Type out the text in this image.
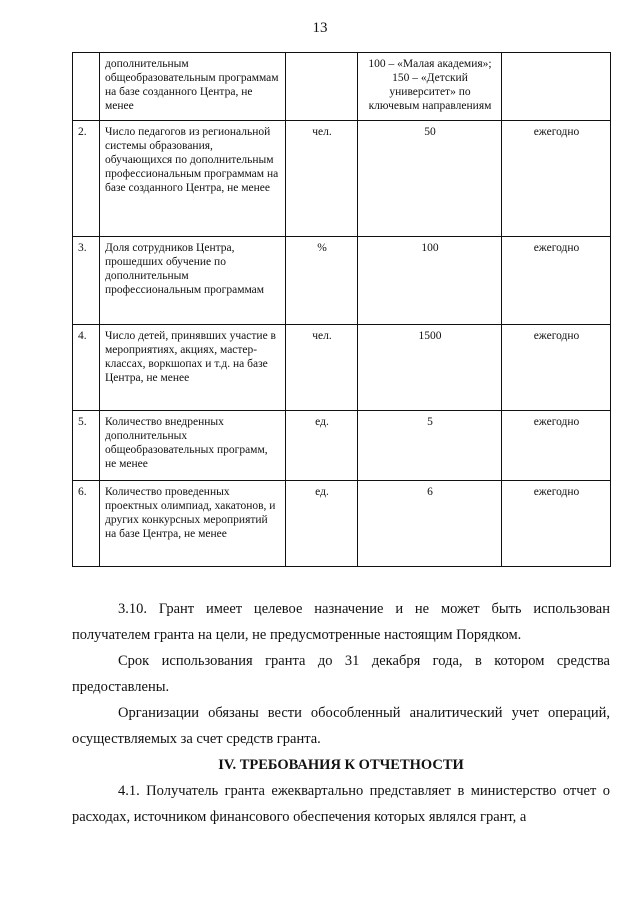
13
	дополнительным общеобразовательным программам на базе созданного Центра, не менее		100 – «Малая академия»; 150 – «Детский университет» по ключевым направлениям	
2.	Число педагогов из региональной системы образования, обучающихся по дополнительным профессиональным программам на базе созданного Центра, не менее	чел.	50	ежегодно
3.	Доля сотрудников Центра, прошедших обучение по дополнительным профессиональным программам	%	100	ежегодно
4.	Число детей, принявших участие в мероприятиях, акциях, мастер-классах, воркшопах и т.д. на базе Центра, не менее	чел.	1500	ежегодно
5.	Количество внедренных дополнительных общеобразовательных программ, не менее	ед.	5	ежегодно
6.	Количество проведенных проектных олимпиад, хакатонов, и других конкурсных мероприятий на базе Центра, не менее	ед.	6	ежегодно

3.10. Грант имеет целевое назначение и не может быть использован получателем гранта на цели, не предусмотренные настоящим Порядком.

Срок использования гранта до 31 декабря года, в котором средства предоставлены.

Организации обязаны вести обособленный аналитический учет операций, осуществляемых за счет средств гранта.

IV. ТРЕБОВАНИЯ К ОТЧЕТНОСТИ

4.1. Получатель гранта ежеквартально представляет в министерство отчет о расходах, источником финансового обеспечения которых являлся грант, а
